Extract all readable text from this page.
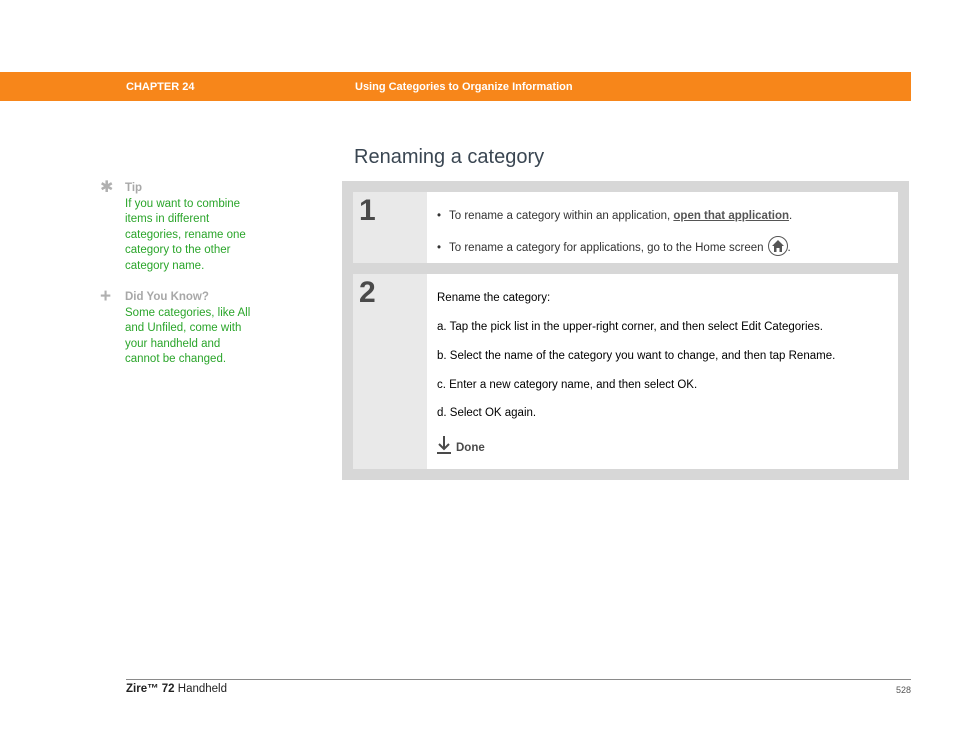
CHAPTER 24	Using Categories to Organize Information
Renaming a category
✱ Tip
If you want to combine
items in different
categories, rename one
category to the other
category name.
+ Did You Know?
Some categories, like All
and Unfiled, come with
your handheld and
cannot be changed.
1	• To rename a category within an application, open that application.
• To rename a category for applications, go to the Home screen .
2	Rename the category:
a. Tap the pick list in the upper-right corner, and then select Edit Categories.
b. Select the name of the category you want to change, and then tap Rename.
c. Enter a new category name, and then select OK.
d. Select OK again.
Done
Zire™ 72 Handheld	528
